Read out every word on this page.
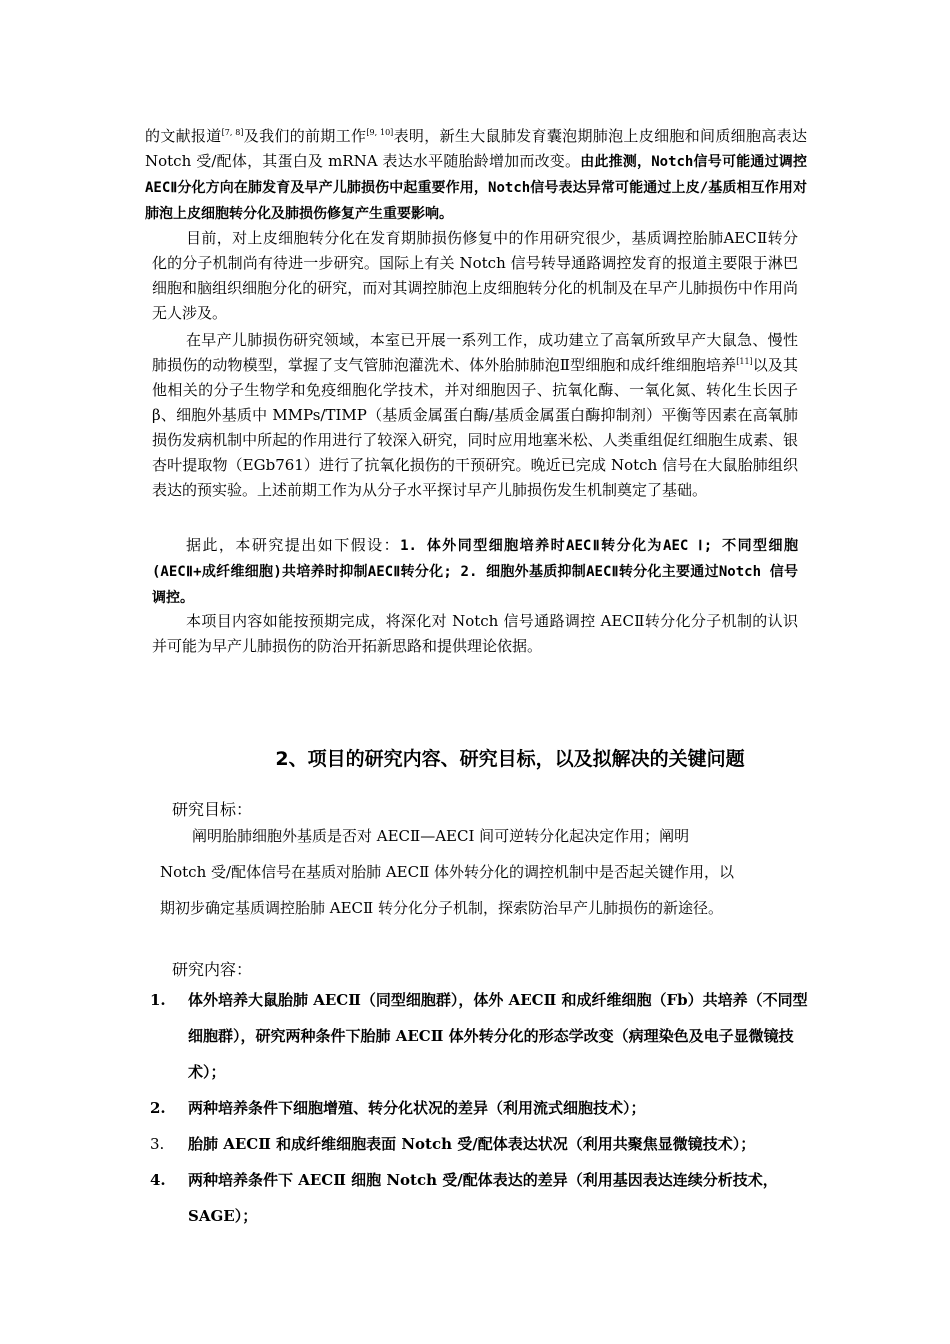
的文献报道[7, 8]及我们的前期工作[9, 10]表明，新生大鼠肺发育囊泡期肺泡上皮细胞和间质细胞高表达 Notch 受/配体，其蛋白及 mRNA 表达水平随胎龄增加而改变。由此推测，Notch信号可能通过调控AECⅡ分化方向在肺发育及早产儿肺损伤中起重要作用，Notch信号表达异常可能通过上皮/基质相互作用对肺泡上皮细胞转分化及肺损伤修复产生重要影响。

目前，对上皮细胞转分化在发育期肺损伤修复中的作用研究很少，基质调控胎肺AECⅡ转分化的分子机制尚有待进一步研究。国际上有关 Notch 信号转导通路调控发育的报道主要限于淋巴细胞和脑组织细胞分化的研究，而对其调控肺泡上皮细胞转分化的机制及在早产儿肺损伤中作用尚无人涉及。

在早产儿肺损伤研究领域，本室已开展一系列工作，成功建立了高氧所致早产大鼠急、慢性肺损伤的动物模型，掌握了支气管肺泡灌洗术、体外胎肺肺泡Ⅱ型细胞和成纤维细胞培养[11]以及其他相关的分子生物学和免疫细胞化学技术，并对细胞因子、抗氧化酶、一氧化氮、转化生长因子 β、细胞外基质中 MMPs/TIMP（基质金属蛋白酶/基质金属蛋白酶抑制剂）平衡等因素在高氧肺损伤发病机制中所起的作用进行了较深入研究，同时应用地塞米松、人类重组促红细胞生成素、银杏叶提取物（EGb761）进行了抗氧化损伤的干预研究。晚近已完成 Notch 信号在大鼠胎肺组织表达的预实验。上述前期工作为从分子水平探讨早产儿肺损伤发生机制奠定了基础。

据此，本研究提出如下假设：1. 体外同型细胞培养时AECⅡ转分化为AEC Ⅰ; 不同型细胞(AECⅡ+成纤维细胞)共培养时抑制AECⅡ转分化; 2. 细胞外基质抑制AECⅡ转分化主要通过Notch 信号调控。

本项目内容如能按预期完成，将深化对 Notch 信号通路调控 AECⅡ转分化分子机制的认识并可能为早产儿肺损伤的防治开拓新思路和提供理论依据。

2、项目的研究内容、研究目标，以及拟解决的关键问题

研究目标：

阐明胎肺细胞外基质是否对 AECⅡ—AECⅠ 间可逆转分化起决定作用；阐明

Notch 受/配体信号在基质对胎肺 AECⅡ 体外转分化的调控机制中是否起关键作用，以

期初步确定基质调控胎肺 AECⅡ 转分化分子机制，探索防治早产儿肺损伤的新途径。

研究内容：

1. 体外培养大鼠胎肺 AECⅡ（同型细胞群），体外 AECⅡ 和成纤维细胞（Fb）共培养（不同型细胞群），研究两种条件下胎肺 AECⅡ 体外转分化的形态学改变（病理染色及电子显微镜技术）；
2. 两种培养条件下细胞增殖、转分化状况的差异（利用流式细胞技术）；
3. 胎肺 AECⅡ 和成纤维细胞表面 Notch 受/配体表达状况（利用共聚焦显微镜技术）；
4. 两种培养条件下 AECⅡ 细胞 Notch 受/配体表达的差异（利用基因表达连续分析技术，SAGE）；
